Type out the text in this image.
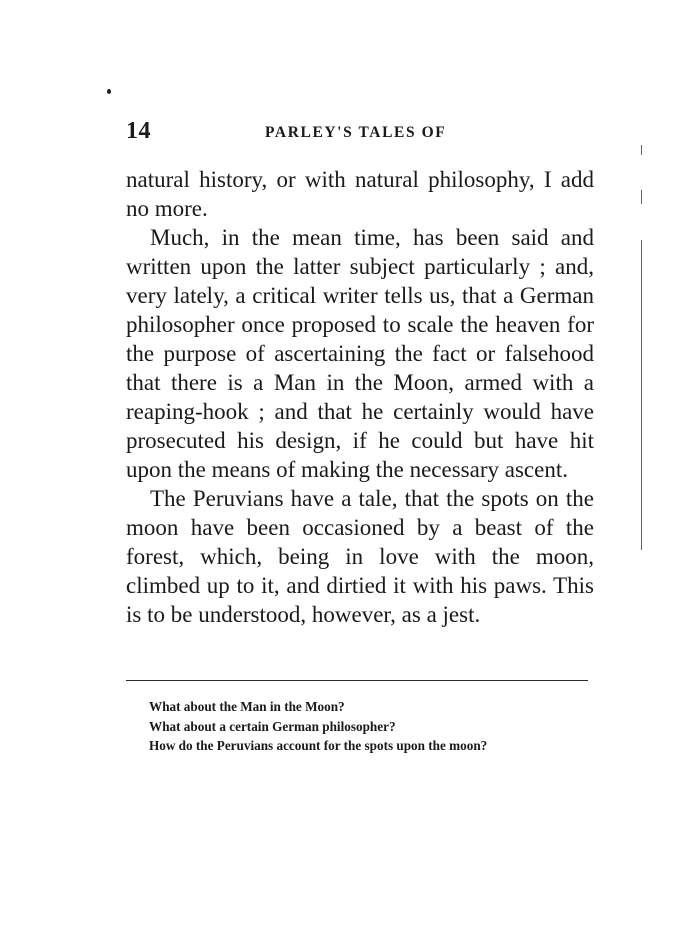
14	PARLEY'S TALES OF

natural history, or with natural philosophy, I add no more.

Much, in the mean time, has been said and written upon the latter subject particularly ; and, very lately, a critical writer tells us, that a German philosopher once proposed to scale the heaven for the purpose of ascertaining the fact or falsehood that there is a Man in the Moon, armed with a reaping-hook ; and that he certainly would have prosecuted his design, if he could but have hit upon the means of making the necessary ascent.

The Peruvians have a tale, that the spots on the moon have been occasioned by a beast of the forest, which, being in love with the moon, climbed up to it, and dirtied it with his paws. This is to be understood, however, as a jest.

What about the Man in the Moon?
What about a certain German philosopher?
How do the Peruvians account for the spots upon the moon?
